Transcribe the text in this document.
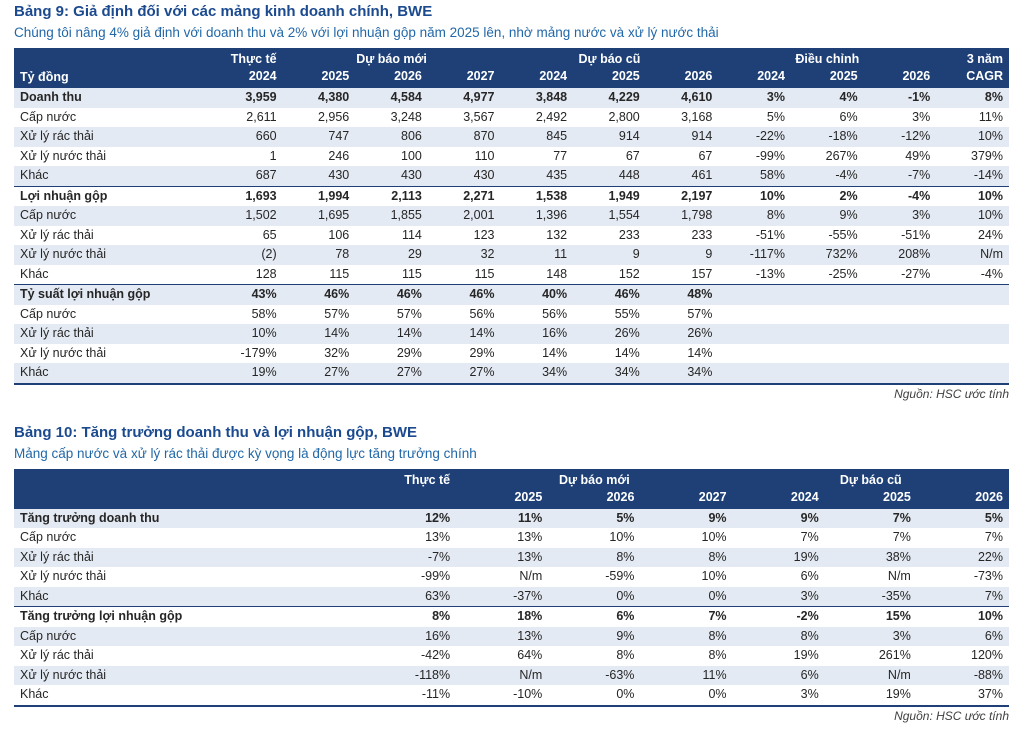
Bảng 9: Giả định đối với các mảng kinh doanh chính, BWE

Chúng tôi nâng 4% giả định với doanh thu và 2% với lợi nhuận gộp năm 2025 lên, nhờ mảng nước và xử lý nước thải

Tỷ đồng	Thực tế	Dự báo mới			Dự báo cũ			Điều chỉnh			3 năm
	2024	2025	2026	2027	2024	2025	2026	2024	2025	2026	CAGR
Doanh thu	3,959	4,380	4,584	4,977	3,848	4,229	4,610	3%	4%	-1%	8%
Cấp nước	2,611	2,956	3,248	3,567	2,492	2,800	3,168	5%	6%	3%	11%
Xử lý rác thải	660	747	806	870	845	914	914	-22%	-18%	-12%	10%
Xử lý nước thải	1	246	100	110	77	67	67	-99%	267%	49%	379%
Khác	687	430	430	430	435	448	461	58%	-4%	-7%	-14%
Lợi nhuận gộp	1,693	1,994	2,113	2,271	1,538	1,949	2,197	10%	2%	-4%	10%
Cấp nước	1,502	1,695	1,855	2,001	1,396	1,554	1,798	8%	9%	3%	10%
Xử lý rác thải	65	106	114	123	132	233	233	-51%	-55%	-51%	24%
Xử lý nước thải	(2)	78	29	32	11	9	9	-117%	732%	208%	N/m
Khác	128	115	115	115	148	152	157	-13%	-25%	-27%	-4%
Tỷ suất lợi nhuận gộp	43%	46%	46%	46%	40%	46%	48%				
Cấp nước	58%	57%	57%	56%	56%	55%	57%				
Xử lý rác thải	10%	14%	14%	14%	16%	26%	26%				
Xử lý nước thải	-179%	32%	29%	29%	14%	14%	14%				
Khác	19%	27%	27%	27%	34%	34%	34%				
Nguồn: HSC ước tính
Bảng 10: Tăng trưởng doanh thu và lợi nhuận gộp, BWE

Mảng cấp nước và xử lý rác thải được kỳ vọng là động lực tăng trưởng chính

	Thực tế	Dự báo mới			Dự báo cũ		
		2025	2026	2027	2024	2025	2026
Tăng trưởng doanh thu	12%	11%	5%	9%	9%	7%	5%
Cấp nước	13%	13%	10%	10%	7%	7%	7%
Xử lý rác thải	-7%	13%	8%	8%	19%	38%	22%
Xử lý nước thải	-99%	N/m	-59%	10%	6%	N/m	-73%
Khác	63%	-37%	0%	0%	3%	-35%	7%
Tăng trưởng lợi nhuận gộp	8%	18%	6%	7%	-2%	15%	10%
Cấp nước	16%	13%	9%	8%	8%	3%	6%
Xử lý rác thải	-42%	64%	8%	8%	19%	261%	120%
Xử lý nước thải	-118%	N/m	-63%	11%	6%	N/m	-88%
Khác	-11%	-10%	0%	0%	3%	19%	37%
Nguồn: HSC ước tính
